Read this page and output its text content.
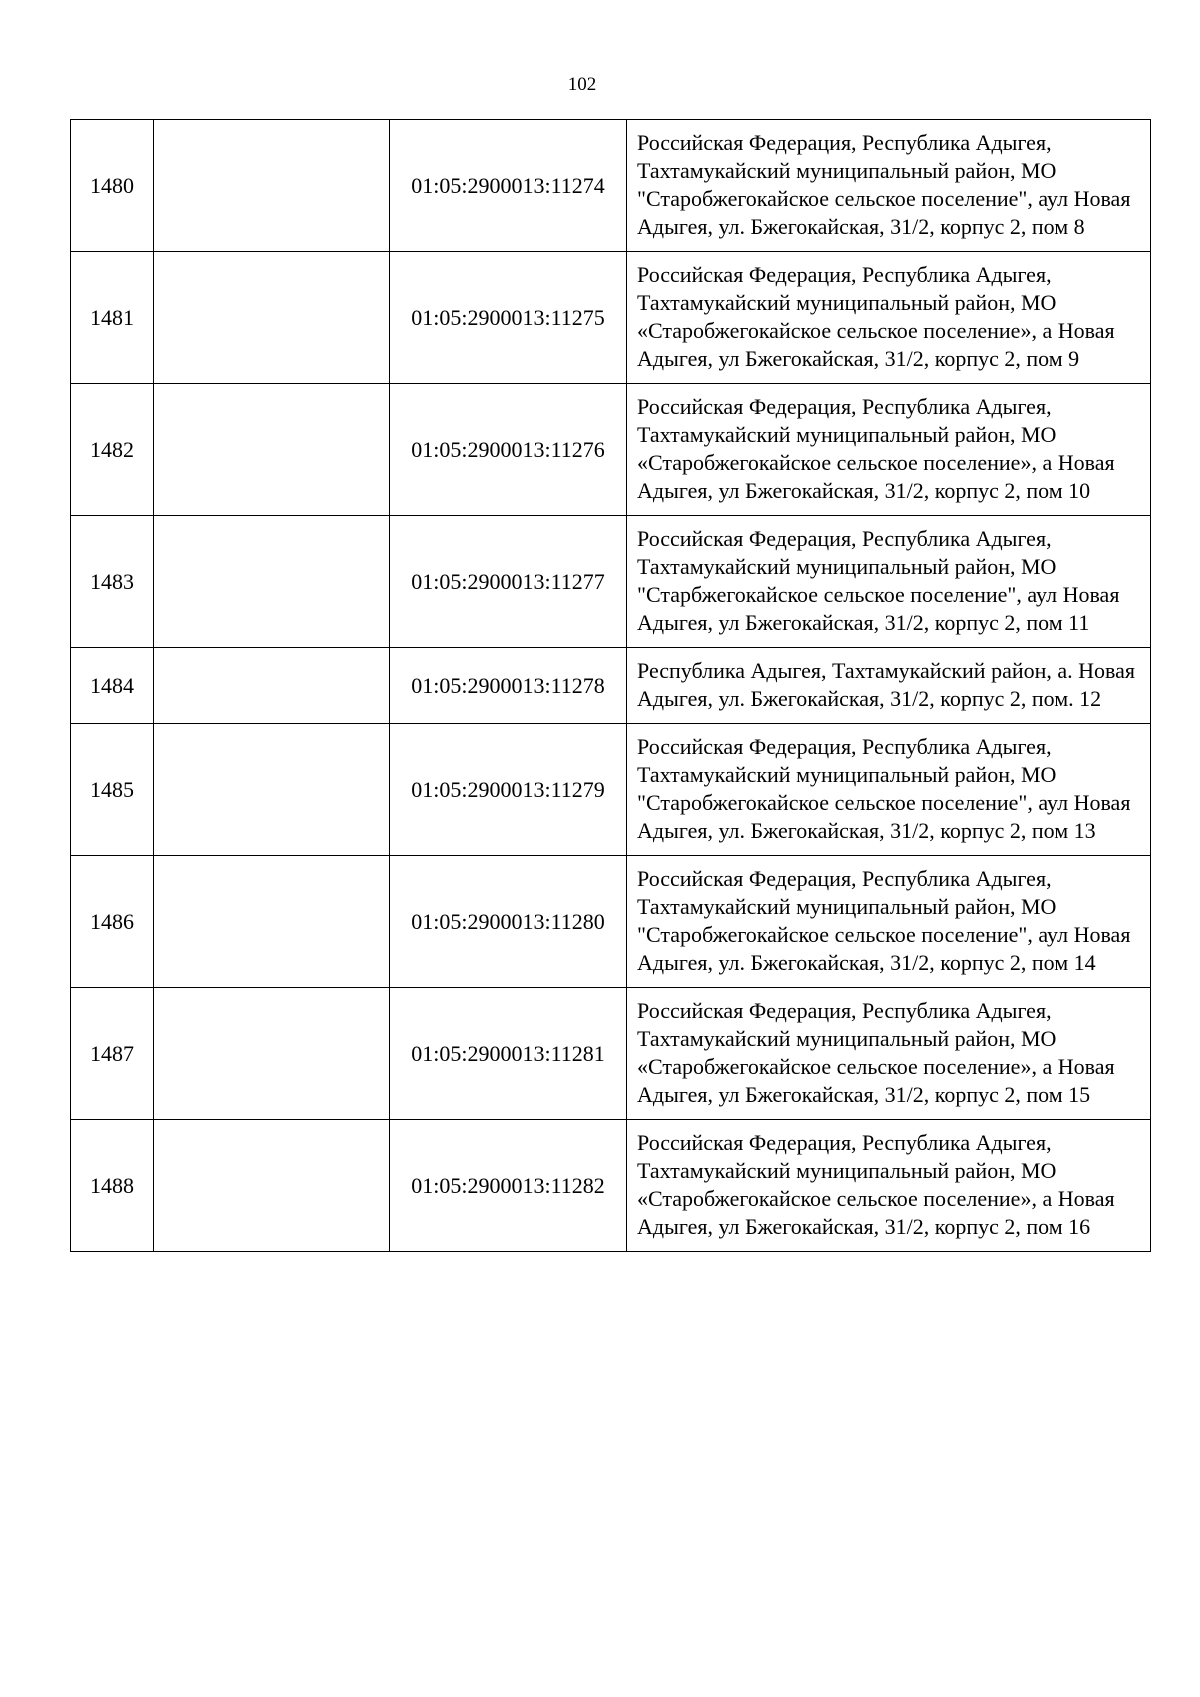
102
1480		01:05:2900013:11274	Российская Федерация, Республика Адыгея, Тахтамукайский муниципальный район, МО "Старобжегокайское сельское поселение", аул Новая Адыгея, ул. Бжегокайская, 31/2, корпус 2, пом 8
1481		01:05:2900013:11275	Российская Федерация, Республика Адыгея, Тахтамукайский муниципальный район, МО «Старобжегокайское сельское поселение», а Новая Адыгея, ул Бжегокайская, 31/2, корпус 2, пом 9
1482		01:05:2900013:11276	Российская Федерация, Республика Адыгея, Тахтамукайский муниципальный район, МО «Старобжегокайское сельское поселение», а Новая Адыгея, ул Бжегокайская, 31/2, корпус 2, пом 10
1483		01:05:2900013:11277	Российская Федерация, Республика Адыгея, Тахтамукайский муниципальный район, МО "Старбжегокайское сельское поселение", аул Новая Адыгея, ул Бжегокайская, 31/2, корпус 2, пом 11
1484		01:05:2900013:11278	Республика Адыгея, Тахтамукайский район, а. Новая Адыгея, ул. Бжегокайская, 31/2, корпус 2, пом. 12
1485		01:05:2900013:11279	Российская Федерация, Республика Адыгея, Тахтамукайский муниципальный район, МО "Старобжегокайское сельское поселение", аул Новая Адыгея, ул. Бжегокайская, 31/2, корпус 2, пом 13
1486		01:05:2900013:11280	Российская Федерация, Республика Адыгея, Тахтамукайский муниципальный район, МО "Старобжегокайское сельское поселение", аул Новая Адыгея, ул. Бжегокайская, 31/2, корпус 2, пом 14
1487		01:05:2900013:11281	Российская Федерация, Республика Адыгея, Тахтамукайский муниципальный район, МО «Старобжегокайское сельское поселение», а Новая Адыгея, ул Бжегокайская, 31/2, корпус 2, пом 15
1488		01:05:2900013:11282	Российская Федерация, Республика Адыгея, Тахтамукайский муниципальный район, МО «Старобжегокайское сельское поселение», а Новая Адыгея, ул Бжегокайская, 31/2, корпус 2, пом 16
